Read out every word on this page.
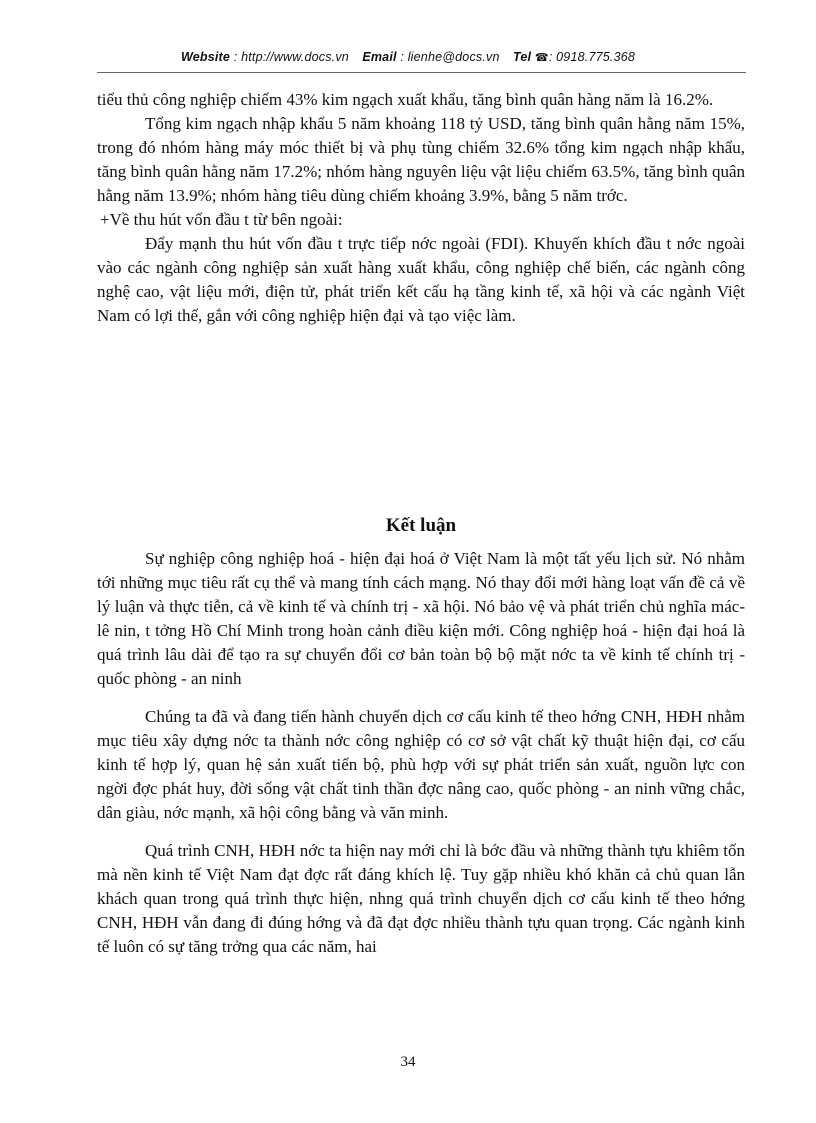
Website : http://www.docs.vn Email : lienhe@docs.vn Tel ☎: 0918.775.368

tiểu thủ công nghiệp chiếm 43% kim ngạch xuất khẩu, tăng bình quân hàng năm là 16.2%.

Tổng kim ngạch nhập khẩu 5 năm khoảng 118 tỷ USD, tăng bình quân hằng năm 15%, trong đó nhóm hàng máy móc thiết bị và phụ tùng chiếm 32.6% tổng kim ngạch nhập khẩu, tăng bình quân hằng năm 17.2%; nhóm hàng nguyên liệu vật liệu chiếm 63.5%, tăng bình quân hằng năm 13.9%; nhóm hàng tiêu dùng chiếm khoảng 3.9%, bằng 5 năm trớc.

+Về thu hút vốn đầu t từ bên ngoài:

Đẩy mạnh thu hút vốn đầu t trực tiếp nớc ngoài (FDI). Khuyến khích đầu t nớc ngoài vào các ngành công nghiệp sản xuất hàng xuất khẩu, công nghiệp chế biến, các ngành công nghệ cao, vật liệu mới, điện tử, phát triển kết cấu hạ tầng kinh tế, xã hội và các ngành Việt Nam có lợi thế, gắn với công nghiệp hiện đại và tạo việc làm.

Kết luận

Sự nghiệp công nghiệp hoá - hiện đại hoá ở Việt Nam là một tất yếu lịch sử. Nó nhằm tới những mục tiêu rất cụ thể và mang tính cách mạng. Nó thay đổi mới hàng loạt vấn đề cả về lý luận và thực tiễn, cả về kinh tế và chính trị - xã hội. Nó bảo vệ và phát triển chủ nghĩa mác-lê nin, t tởng Hồ Chí Minh trong hoàn cảnh điều kiện mới. Công nghiệp hoá - hiện đại hoá là quá trình lâu dài để tạo ra sự chuyển đổi cơ bản toàn bộ bộ mặt nớc ta về kinh tế chính trị - quốc phòng - an ninh

Chúng ta đã và đang tiến hành chuyển dịch cơ cấu kinh tế theo hớng CNH, HĐH nhằm mục tiêu xây dựng nớc ta thành nớc công nghiệp có cơ sở vật chất kỹ thuật hiện đại, cơ cấu kinh tế hợp lý, quan hệ sản xuất tiến bộ, phù hợp với sự phát triển sản xuất, nguồn lực con ngời đợc phát huy, đời sống vật chất tinh thần đợc nâng cao, quốc phòng - an ninh vững chắc, dân giàu, nớc mạnh, xã hội công bằng và văn minh.

Quá trình CNH, HĐH nớc ta hiện nay mới chỉ là bớc đầu và những thành tựu khiêm tốn mà nền kinh tế Việt Nam đạt đợc rất đáng khích lệ. Tuy gặp nhiều khó khăn cả chủ quan lẫn khách quan trong quá trình thực hiện, nhng quá trình chuyển dịch cơ cấu kinh tế theo hớng CNH, HĐH vẫn đang đi đúng hớng và đã đạt đợc nhiều thành tựu quan trọng. Các ngành kinh tế luôn có sự tăng trởng qua các năm, hai

34
